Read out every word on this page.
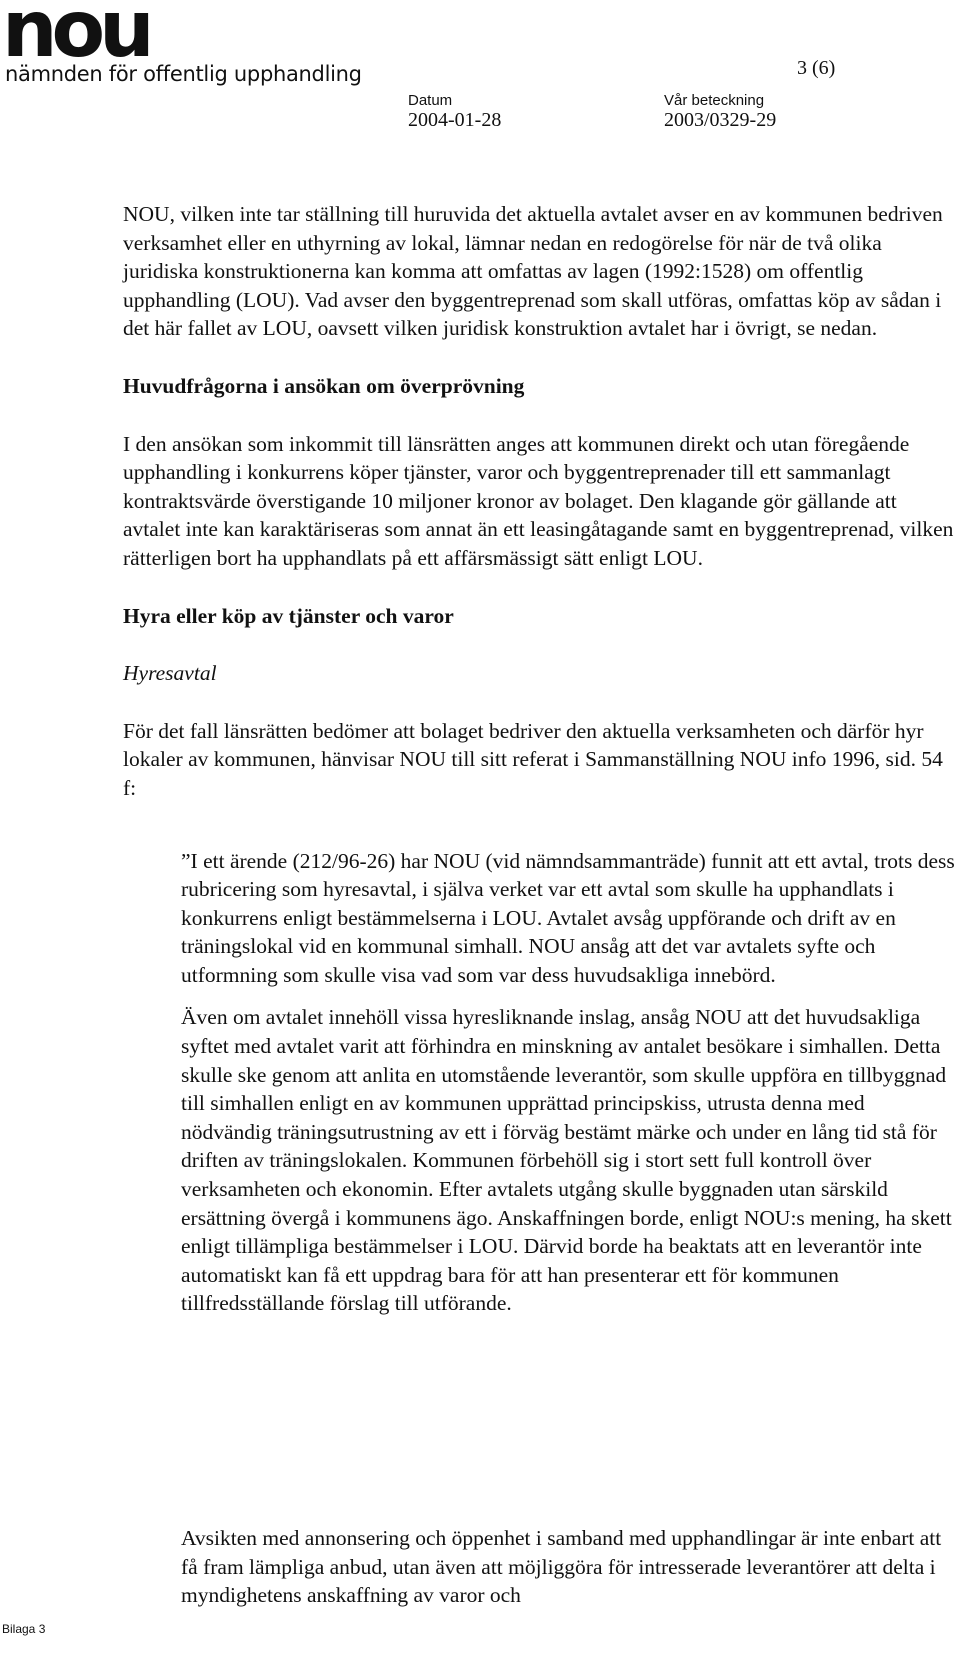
nou
nämnden för offentlig upphandling	3 (6)
Datum
2004-01-28
Vår beteckning
2003/0329-29

NOU, vilken inte tar ställning till huruvida det aktuella avtalet avser en av kommunen bedriven verksamhet eller en uthyrning av lokal, lämnar nedan en redogörelse för när de två olika juridiska konstruktionerna kan komma att omfattas av lagen (1992:1528) om offentlig upphandling (LOU). Vad avser den byggentreprenad som skall utföras, omfattas köp av sådan i det här fallet av LOU, oavsett vilken juridisk konstruktion avtalet har i övrigt, se nedan.

Huvudfrågorna i ansökan om överprövning

I den ansökan som inkommit till länsrätten anges att kommunen direkt och utan föregående upphandling i konkurrens köper tjänster, varor och byggentreprenader till ett sammanlagt kontraktsvärde överstigande 10 miljoner kronor av bolaget. Den klagande gör gällande att avtalet inte kan karaktäriseras som annat än ett leasingåtagande samt en byggentreprenad, vilken rätterligen bort ha upphandlats på ett affärsmässigt sätt enligt LOU.

Hyra eller köp av tjänster och varor

Hyresavtal

För det fall länsrätten bedömer att bolaget bedriver den aktuella verksamheten och därför hyr lokaler av kommunen, hänvisar NOU till sitt referat i Sammanställning NOU info 1996, sid. 54 f:

”I ett ärende (212/96-26) har NOU (vid nämndsammanträde) funnit att ett avtal, trots dess rubricering som hyresavtal, i själva verket var ett avtal som skulle ha upphandlats i konkurrens enligt bestämmelserna i LOU. Avtalet avsåg uppförande och drift av en träningslokal vid en kommunal simhall. NOU ansåg att det var avtalets syfte och utformning som skulle visa vad som var dess huvudsakliga innebörd.

Även om avtalet innehöll vissa hyresliknande inslag, ansåg NOU att det huvudsakliga syftet med avtalet varit att förhindra en minskning av antalet besökare i simhallen. Detta skulle ske genom att anlita en utomstående leverantör, som skulle uppföra en tillbyggnad till simhallen enligt en av kommunen upprättad principskiss, utrusta denna med nödvändig träningsutrustning av ett i förväg bestämt märke och under en lång tid stå för driften av träningslokalen. Kommunen förbehöll sig i stort sett full kontroll över verksamheten och ekonomin. Efter avtalets utgång skulle byggnaden utan särskild ersättning övergå i kommunens ägo. Anskaffningen borde, enligt NOU:s mening, ha skett enligt tillämpliga bestämmelser i LOU. Därvid borde ha beaktats att en leverantör inte automatiskt kan få ett uppdrag bara för att han presenterar ett för kommunen tillfredsställande förslag till utförande.

Avsikten med annonsering och öppenhet i samband med upphandlingar är inte enbart att få fram lämpliga anbud, utan även att möjliggöra för intresserade leverantörer att delta i myndighetens anskaffning av varor och

Bilaga 3
